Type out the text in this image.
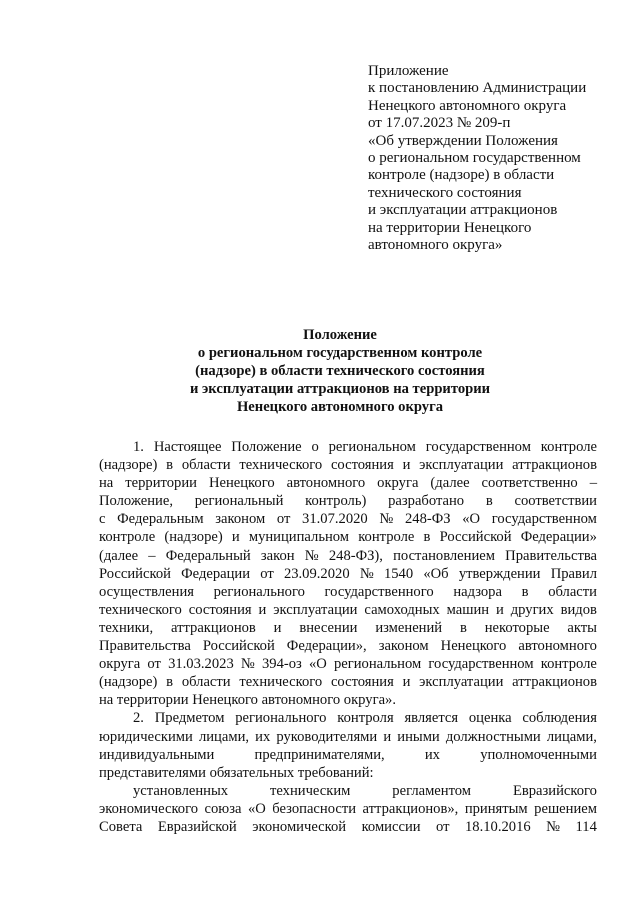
Приложение
к постановлению Администрации
Ненецкого автономного округа
от 17.07.2023 № 209-п
«Об утверждении Положения
о региональном государственном
контроле (надзоре) в области
технического состояния
и эксплуатации аттракционов
на территории Ненецкого
автономного округа»
Положение
о региональном государственном контроле
(надзоре) в области технического состояния
и эксплуатации аттракционов на территории
Ненецкого автономного округа
1. Настоящее Положение о региональном государственном контроле
(надзоре) в области технического состояния и эксплуатации аттракционов
на территории Ненецкого автономного округа (далее соответственно –
Положение, региональный контроль) разработано в соответствии
с Федеральным законом от 31.07.2020 № 248-ФЗ «О государственном
контроле (надзоре) и муниципальном контроле в Российской Федерации»
(далее – Федеральный закон № 248-ФЗ), постановлением Правительства
Российской Федерации от 23.09.2020 № 1540 «Об утверждении Правил
осуществления регионального государственного надзора в области
технического состояния и эксплуатации самоходных машин и других видов
техники, аттракционов и внесении изменений в некоторые акты
Правительства Российской Федерации», законом Ненецкого автономного
округа от 31.03.2023 № 394-оз «О региональном государственном контроле
(надзоре) в области технического состояния и эксплуатации аттракционов
на территории Ненецкого автономного округа».
2. Предметом регионального контроля является оценка соблюдения
юридическими лицами, их руководителями и иными должностными лицами,
индивидуальными	предпринимателями,	их	уполномоченными
представителями обязательных требований:
установленных	техническим	регламентом	Евразийского
экономического союза «О безопасности аттракционов», принятым решением
Совета Евразийской экономической комиссии от 18.10.2016 № 114
